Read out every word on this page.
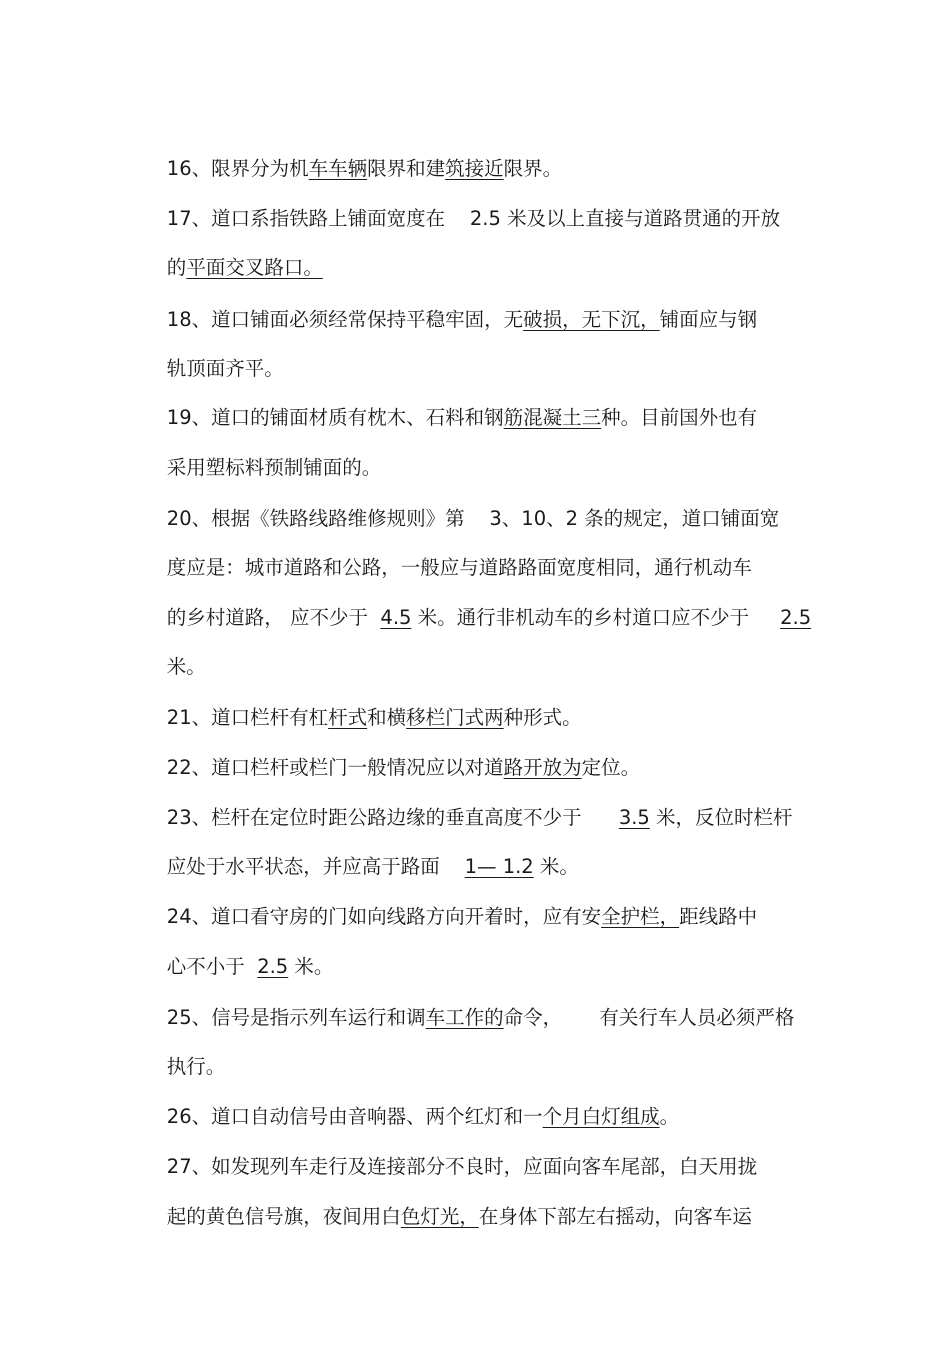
16、限界分为机车车辆限界和建筑接近限界。

17、道口系指铁路上铺面宽度在    2.5 米及以上直接与道路贯通的开放

的平面交叉路口。

18、道口铺面必须经常保持平稳牢固，无破损，无下沉，铺面应与钢

轨顶面齐平。

19、道口的铺面材质有枕木、石料和钢筋混凝土三种。目前国外也有

采用塑标料预制铺面的。

20、根据《铁路线路维修规则》第    3、10、2 条的规定，道口铺面宽

度应是：城市道路和公路，一般应与道路路面宽度相同，通行机动车

的乡村道路， 应不少于  4.5 米。通行非机动车的乡村道口应不少于     2.5

米。

21、道口栏杆有杠杆式和横移栏门式两种形式。

22、道口栏杆或栏门一般情况应以对道路开放为定位。

23、栏杆在定位时距公路边缘的垂直高度不少于      3.5 米，反位时栏杆

应处于水平状态，并应高于路面    1— 1.2 米。

24、道口看守房的门如向线路方向开着时，应有安全护栏，距线路中

心不小于  2.5 米。

25、信号是指示列车运行和调车工作的命令，      有关行车人员必须严格

执行。

26、道口自动信号由音响器、两个红灯和一个月白灯组成。

27、如发现列车走行及连接部分不良时，应面向客车尾部，白天用拢

起的黄色信号旗，夜间用白色灯光，在身体下部左右摇动，向客车运
